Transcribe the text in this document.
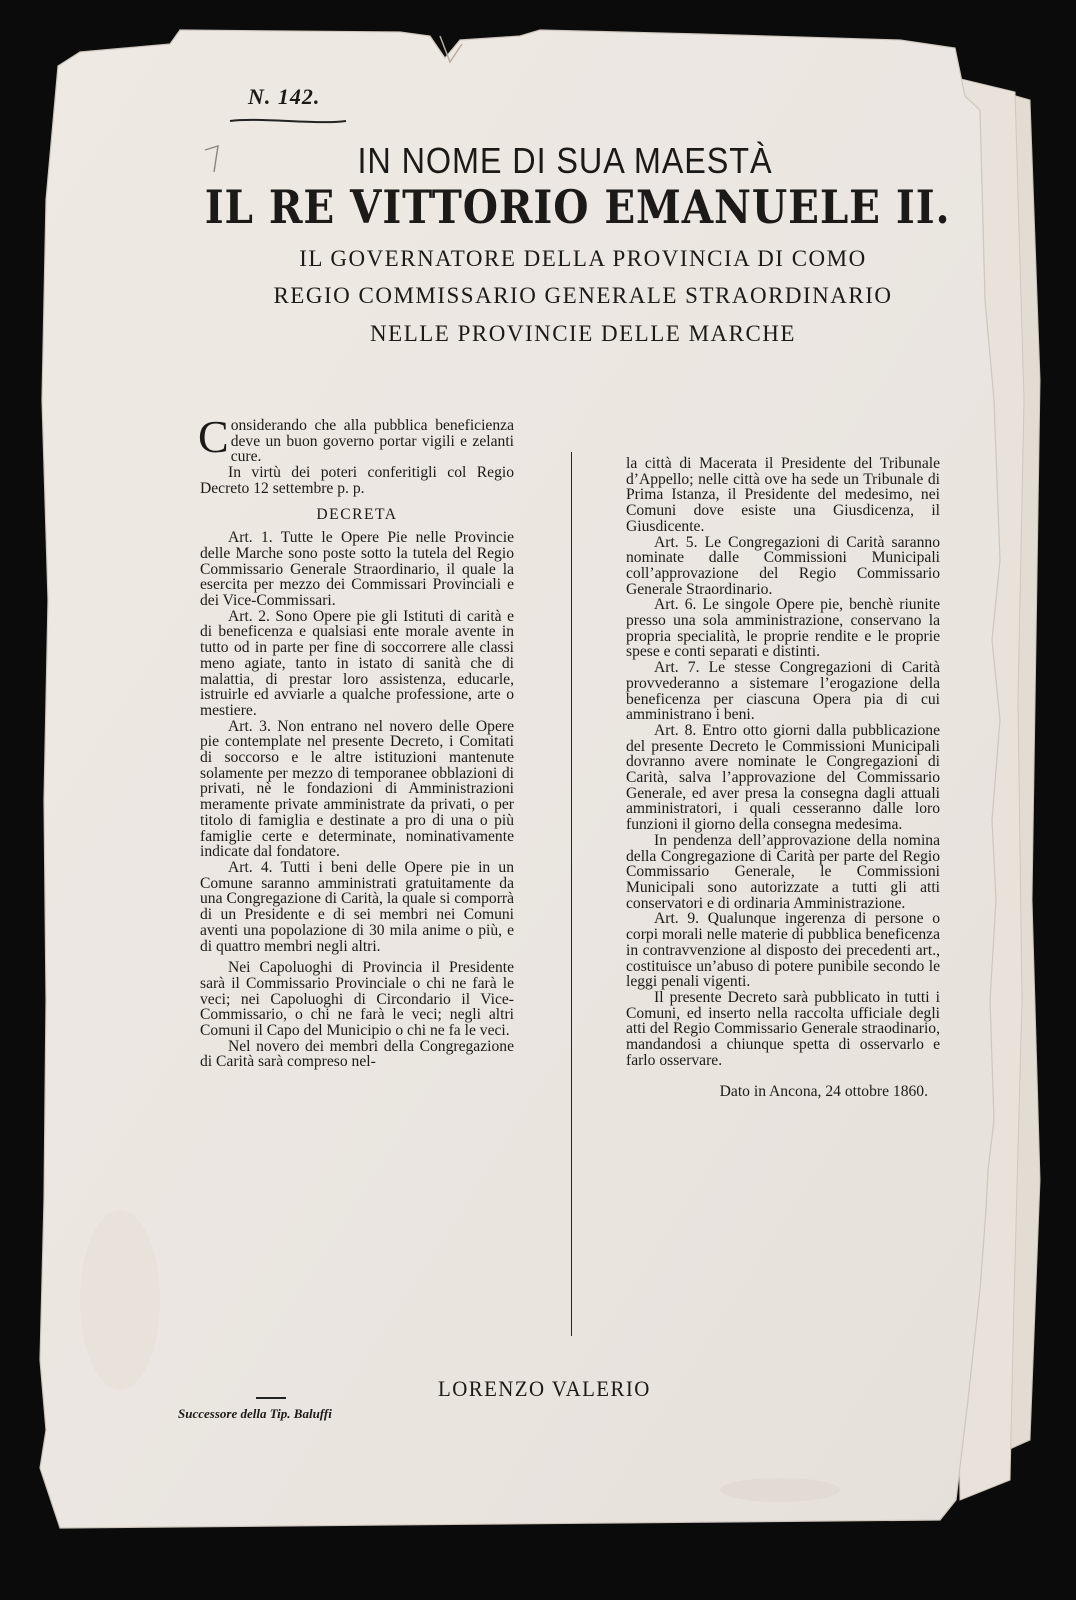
N. 142.
IN NOME DI SUA MAESTÀ
IL RE VITTORIO EMANUELE II.
IL GOVERNATORE DELLA PROVINCIA DI COMO
REGIO COMMISSARIO GENERALE STRAORDINARIO
NELLE PROVINCIE DELLE MARCHE

Considerando che alla pubblica beneficienza deve un buon governo portar vigili e zelanti cure.

In virtù dei poteri conferitigli col Regio Decreto 12 settembre p. p.

DECRETA

Art. 1. Tutte le Opere Pie nelle Provincie delle Marche sono poste sotto la tutela del Regio Commissario Generale Straordinario, il quale la esercita per mezzo dei Commissari Provinciali e dei Vice-Commissari.

Art. 2. Sono Opere pie gli Istituti di carità e di beneficenza e qualsiasi ente morale avente in tutto od in parte per fine di soccorrere alle classi meno agiate, tanto in istato di sanità che di malattia, di prestar loro assistenza, educarle, istruirle ed avviarle a qualche professione, arte o mestiere.

Art. 3. Non entrano nel novero delle Opere pie contemplate nel presente Decreto, i Comitati di soccorso e le altre istituzioni mantenute solamente per mezzo di temporanee obblazioni di privati, nè le fondazioni di Amministrazioni meramente private amministrate da privati, o per titolo di famiglia e destinate a pro di una o più famiglie certe e determinate, nominativamente indicate dal fondatore.

Art. 4. Tutti i beni delle Opere pie in un Comune saranno amministrati gratuitamente da una Congregazione di Carità, la quale si comporrà di un Presidente e di sei membri nei Comuni aventi una popolazione di 30 mila anime o più, e di quattro membri negli altri.

Nei Capoluoghi di Provincia il Presidente sarà il Commissario Provinciale o chi ne farà le veci; nei Capoluoghi di Circondario il Vice-Commissario, o chi ne farà le veci; negli altri Comuni il Capo del Municipio o chi ne fa le veci.

Nel novero dei membri della Congregazione di Carità sarà compreso nel-

la città di Macerata il Presidente del Tribunale d’Appello; nelle città ove ha sede un Tribunale di Prima Istanza, il Presidente del medesimo, nei Comuni dove esiste una Giusdicenza, il Giusdicente.

Art. 5. Le Congregazioni di Carità saranno nominate dalle Commissioni Municipali coll’approvazione del Regio Commissario Generale Straordinario.

Art. 6. Le singole Opere pie, benchè riunite presso una sola amministrazione, conservano la propria specialità, le proprie rendite e le proprie spese e conti separati e distinti.

Art. 7. Le stesse Congregazioni di Carità provvederanno a sistemare l’erogazione della beneficenza per ciascuna Opera pia di cui amministrano i beni.

Art. 8. Entro otto giorni dalla pubblicazione del presente Decreto le Commissioni Municipali dovranno avere nominate le Congregazioni di Carità, salva l’approvazione del Commissario Generale, ed aver presa la consegna dagli attuali amministratori, i quali cesseranno dalle loro funzioni il giorno della consegna medesima.

In pendenza dell’approvazione della nomina della Congregazione di Carità per parte del Regio Commissario Generale, le Commissioni Municipali sono autorizzate a tutti gli atti conservatori e di ordinaria Amministrazione.

Art. 9. Qualunque ingerenza di persone o corpi morali nelle materie di pubblica beneficenza in contravvenzione al disposto dei precedenti art., costituisce un’abuso di potere punibile secondo le leggi penali vigenti.

Il presente Decreto sarà pubblicato in tutti i Comuni, ed inserto nella raccolta ufficiale degli atti del Regio Commissario Generale straodinario, mandandosi a chiunque spetta di osservarlo e farlo osservare.

Dato in Ancona, 24 ottobre 1860.

LORENZO VALERIO
Successore della Tip. Baluffi
